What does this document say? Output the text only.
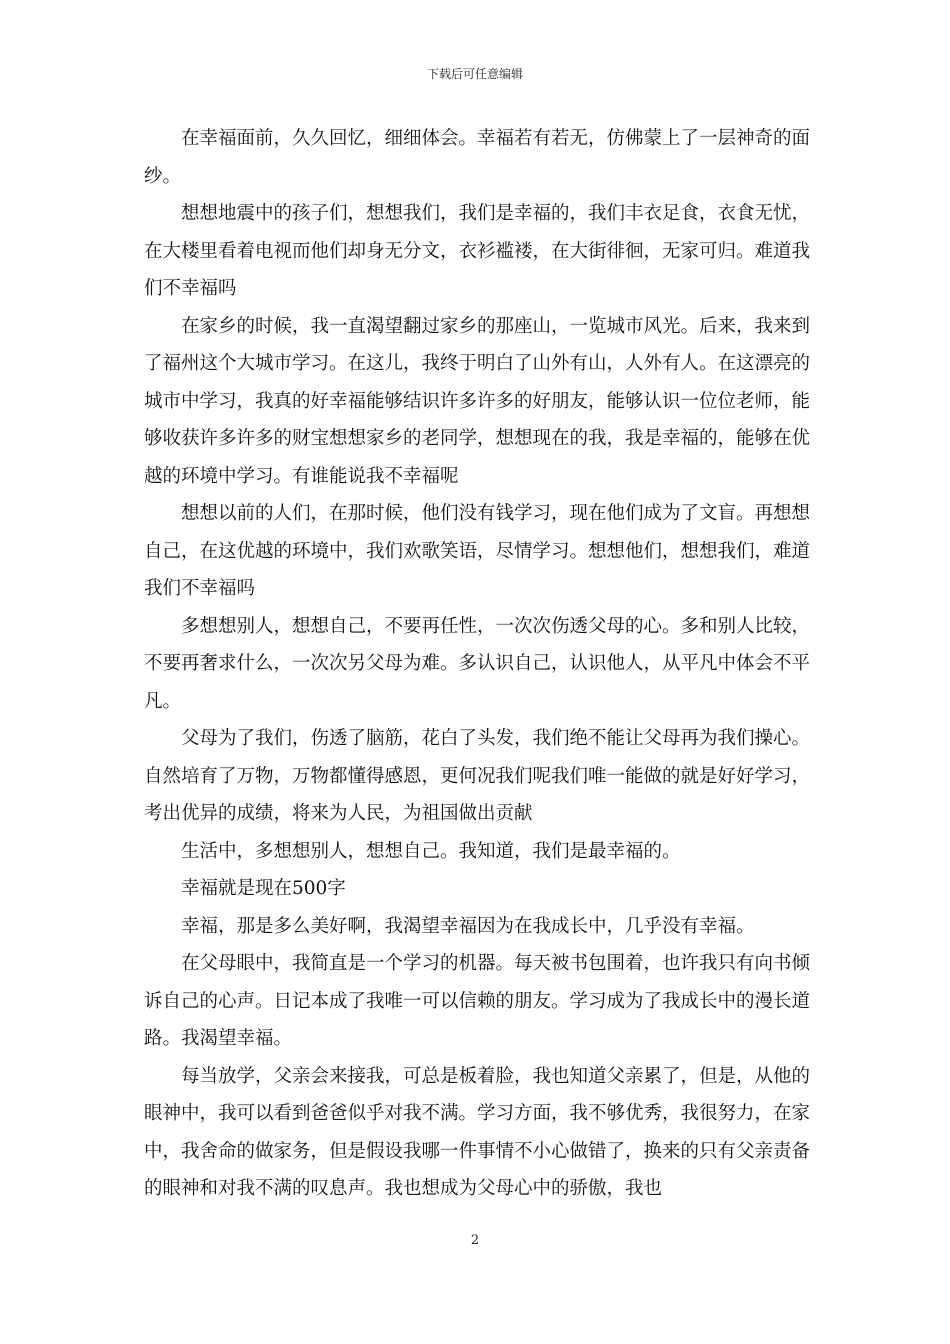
下载后可任意编辑

在幸福面前，久久回忆，细细体会。幸福若有若无，仿佛蒙上了一层神奇的面纱。

想想地震中的孩子们，想想我们，我们是幸福的，我们丰衣足食，衣食无忧，在大楼里看着电视而他们却身无分文，衣衫褴褛，在大街徘徊，无家可归。难道我们不幸福吗

在家乡的时候，我一直渴望翻过家乡的那座山，一览城市风光。后来，我来到了福州这个大城市学习。在这儿，我终于明白了山外有山，人外有人。在这漂亮的城市中学习，我真的好幸福能够结识许多许多的好朋友，能够认识一位位老师，能够收获许多许多的财宝想想家乡的老同学，想想现在的我，我是幸福的，能够在优越的环境中学习。有谁能说我不幸福呢

想想以前的人们，在那时候，他们没有钱学习，现在他们成为了文盲。再想想自己，在这优越的环境中，我们欢歌笑语，尽情学习。想想他们，想想我们，难道我们不幸福吗

多想想别人，想想自己，不要再任性，一次次伤透父母的心。多和别人比较，不要再奢求什么，一次次另父母为难。多认识自己，认识他人，从平凡中体会不平凡。

父母为了我们，伤透了脑筋，花白了头发，我们绝不能让父母再为我们操心。自然培育了万物，万物都懂得感恩，更何况我们呢我们唯一能做的就是好好学习，考出优异的成绩，将来为人民，为祖国做出贡献

生活中，多想想别人，想想自己。我知道，我们是最幸福的。

幸福就是现在500字

幸福，那是多么美好啊，我渴望幸福因为在我成长中，几乎没有幸福。

在父母眼中，我简直是一个学习的机器。每天被书包围着，也许我只有向书倾诉自己的心声。日记本成了我唯一可以信赖的朋友。学习成为了我成长中的漫长道路。我渴望幸福。

每当放学，父亲会来接我，可总是板着脸，我也知道父亲累了，但是，从他的眼神中，我可以看到爸爸似乎对我不满。学习方面，我不够优秀，我很努力，在家中，我舍命的做家务，但是假设我哪一件事情不小心做错了，换来的只有父亲责备的眼神和对我不满的叹息声。我也想成为父母心中的骄傲，我也

2
